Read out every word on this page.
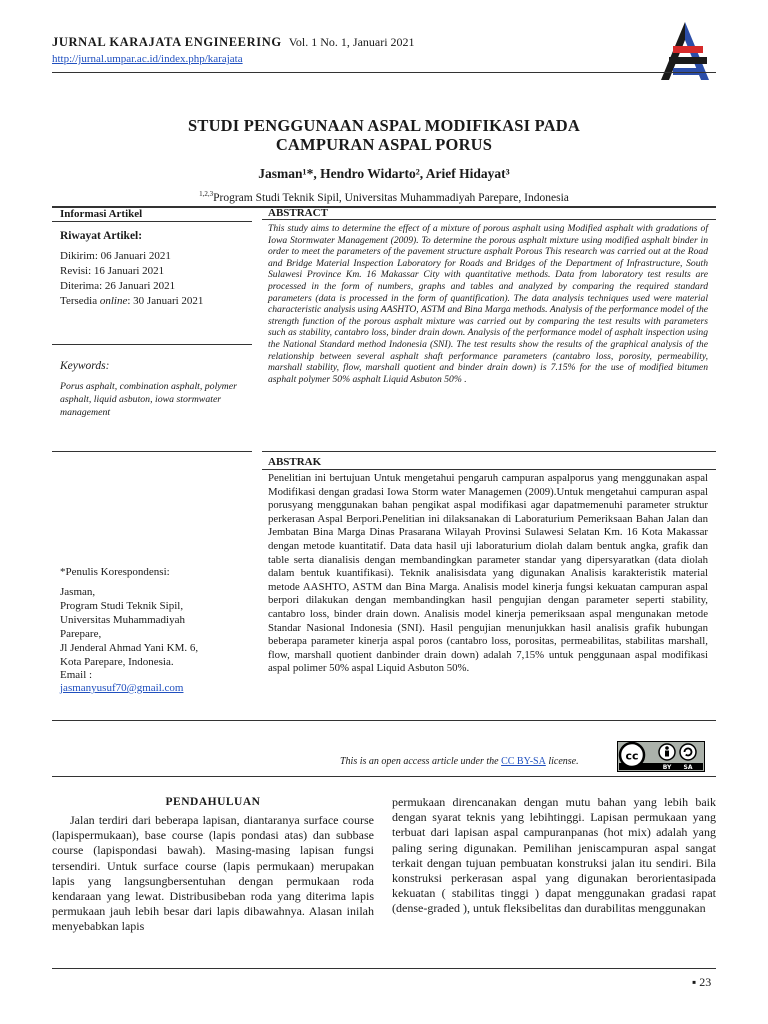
JURNAL KARAJATA ENGINEERING Vol. 1 No. 1, Januari 2021
http://jurnal.umpar.ac.id/index.php/karajata
STUDI PENGGUNAAN ASPAL MODIFIKASI PADA
CAMPURAN ASPAL PORUS
Jasman¹*, Hendro Widarto², Arief Hidayat³
$^{1,2,3}$Program Studi Teknik Sipil, Universitas Muhammadiyah Parepare, Indonesia
Informasi Artikel
Riwayat Artikel:
Dikirim: 06 Januari 2021
Revisi: 16 Januari 2021
Diterima: 26 Januari 2021
Tersedia online: 30 Januari 2021
Keywords:
Porus asphalt, combination asphalt, polymer asphalt, liquid asbuton, iowa stormwater management
*Penulis Korespondensi:
Jasman,
Program Studi Teknik Sipil,
Universitas Muhammadiyah
Parepare,
Jl Jenderal Ahmad Yani KM. 6,
Kota Parepare, Indonesia.
Email :
jasmanyusuf70@gmail.com
ABSTRACT
This study aims to determine the effect of a mixture of porous asphalt using Modified asphalt with gradations of Iowa Stormwater Management (2009). To determine the porous asphalt mixture using modified asphalt binder in order to meet the parameters of the pavement structure asphalt Porous This research was carried out at the Road and Bridge Material Inspection Laboratory for Roads and Bridges of the Department of Infrastructure, South Sulawesi Province Km. 16 Makassar City with quantitative methods. Data from laboratory test results are processed in the form of numbers, graphs and tables and analyzed by comparing the required standard parameters (data is processed in the form of quantification). The data analysis techniques used were material characteristic analysis using AASHTO, ASTM and Bina Marga methods. Analysis of the performance model of the strength function of the porous asphalt mixture was carried out by comparing the test results with parameters such as stability, cantabro loss, binder drain down. Analysis of the performance model of asphalt inspection using the National Standard method Indonesia (SNI). The test results show the results of the graphical analysis of the relationship between several asphalt shaft performance parameters (cantabro loss, porosity, permeability, marshall stability, flow, marshall quotient and binder drain down) is 7.15% for the use of modified bitumen asphalt polymer 50% asphalt Liquid Asbuton 50% .
ABSTRAK
Penelitian ini bertujuan Untuk mengetahui pengaruh campuran aspalporus yang menggunakan aspal Modifikasi dengan gradasi Iowa Storm water Managemen (2009).Untuk mengetahui campuran aspal porusyang menggunakan bahan pengikat aspal modifikasi agar dapatmemenuhi parameter struktur perkerasan Aspal Berpori.Penelitian ini dilaksanakan di Laboraturium Pemeriksaan Bahan Jalan dan Jembatan Bina Marga Dinas Prasarana Wilayah Provinsi Sulawesi Selatan Km. 16 Kota Makassar dengan metode kuantitatif. Data data hasil uji laboraturium diolah dalam bentuk angka, grafik dan table serta dianalisis dengan membandingkan parameter standar yang dipersyaratkan (data diolah dalam bentuk kuantifikasi). Teknik analisisdata yang digunakan Analisis karakteristik material metode AASHTO, ASTM dan Bina Marga. Analisis model kinerja fungsi kekuatan campuran aspal berpori dilakukan dengan membandingkan hasil pengujian dengan parameter seperti stability, cantabro loss, binder drain down. Analisis model kinerja pemeriksaan aspal mengunakan metode Standar Nasional Indonesia (SNI). Hasil pengujian menunjukkan hasil analisis grafik hubungan beberapa parameter kinerja aspal poros (cantabro loss, porositas, permeabilitas, stabilitas marshall, flow, marshall quotient danbinder drain down) adalah 7,15% untuk penggunaan aspal modifikasi aspal polimer 50% aspal Liquid Asbuton 50%.
This is an open access article under the CC BY-SA license.	cc
BY SA
PENDAHULUAN
Jalan terdiri dari beberapa lapisan, diantaranya surface course (lapispermukaan), base course (lapis pondasi atas) dan subbase course (lapispondasi bawah). Masing-masing lapisan fungsi tersendiri. Untuk surface course (lapis permukaan) merupakan lapis yang langsungbersentuhan dengan permukaan roda kendaraan yang lewat. Distribusibeban roda yang diterima lapis permukaan jauh lebih besar dari lapis dibawahnya. Alasan inilah menyebabkan lapis
permukaan direncanakan dengan mutu bahan yang lebih baik dengan syarat teknis yang lebihtinggi. Lapisan permukaan yang terbuat dari lapisan aspal campuranpanas (hot mix) adalah yang paling sering digunakan. Pemilihan jeniscampuran aspal sangat terkait dengan tujuan pembuatan konstruksi jalan itu sendiri. Bila konstruksi perkerasan aspal yang digunakan berorientasipada kekuatan ( stabilitas tinggi ) dapat menggunakan gradasi rapat (dense-graded ), untuk fleksibelitas dan durabilitas menggunakan
▪ 23
